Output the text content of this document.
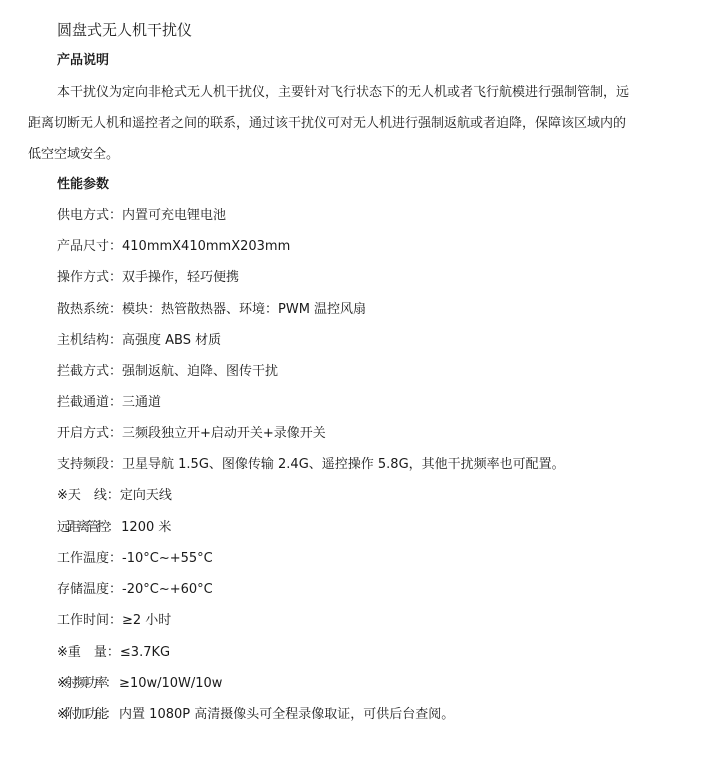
圆盘式无人机干扰仪
产品说明
本干扰仪为定向非枪式无人机干扰仪，主要针对飞行状态下的无人机或者飞行航模进行强制管制，远
距离切断无人机和遥控者之间的联系，通过该干扰仪可对无人机进行强制返航或者迫降，保障该区域内的
低空空域安全。
性能参数
供电方式：内置可充电锂电池
产品尺寸：410mmX410mmX203mm
操作方式：双手操作，轻巧便携
散热系统：模块：热管散热器、环境：PWM 温控风扇
主机结构：高强度 ABS 材质
拦截方式：强制返航、迫降、图传干扰
拦截通道：三通道
开启方式：三频段独立开+启动开关+录像开关
支持频段：卫星导航 1.5G、图像传输 2.4G、遥控操作 5.8G，其他干扰频率也可配置。
※天　线：定向天线
远距离管控： 1200 米
工作温度：-10°C~+55°C
存储温度：-20°C~+60°C
工作时间：≥2 小时
※重　量：≤3.7KG
※射频功率： ≥10w/10W/10w
※附加功能： 内置 1080P 高清摄像头可全程录像取证，可供后台查阅。
